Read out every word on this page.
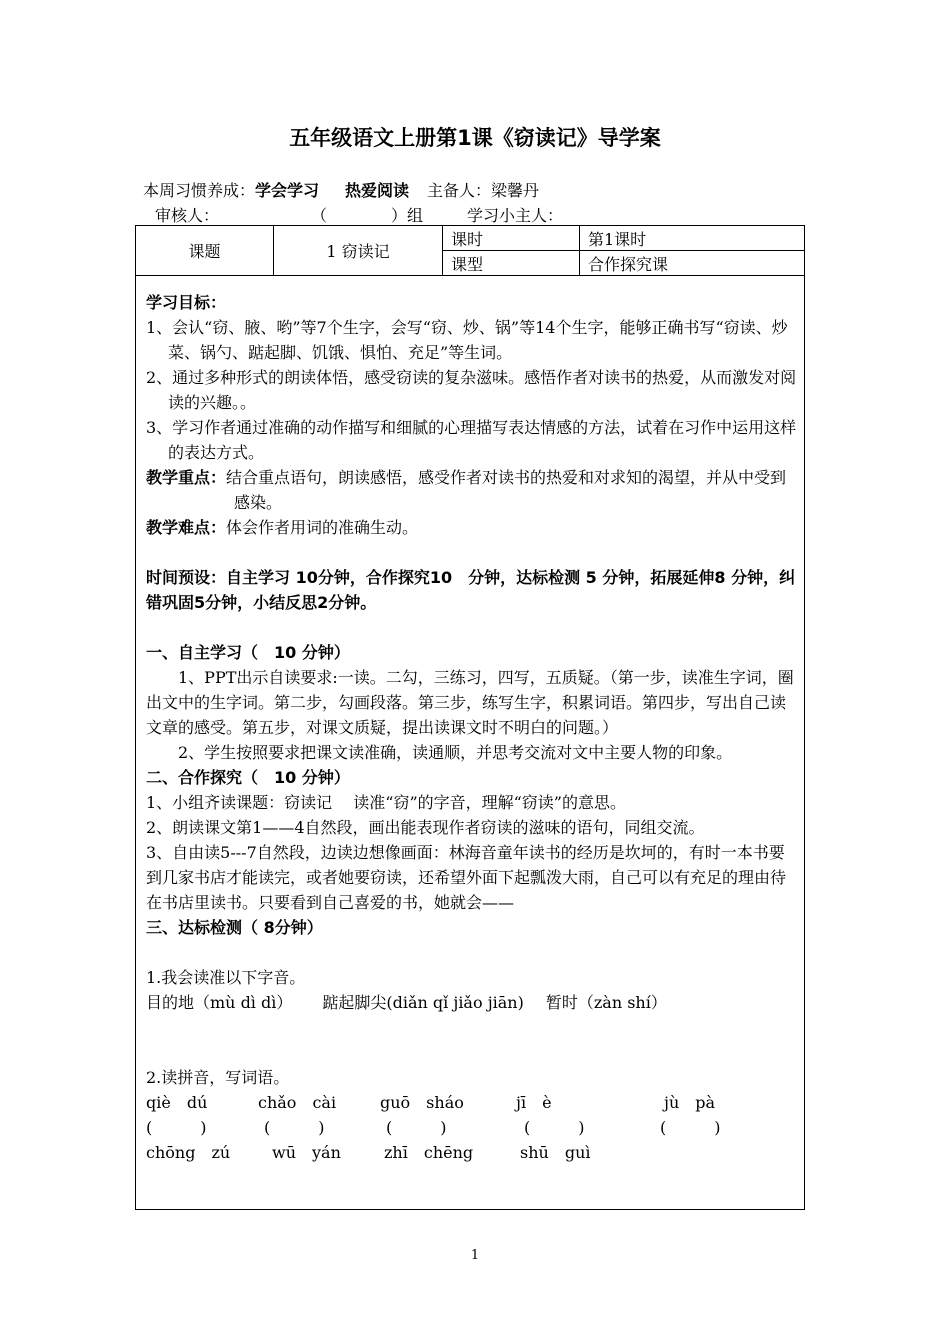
五年级语文上册第1课《窃读记》导学案
本周习惯养成：学会学习 热爱阅读 主备人：梁馨丹
审核人：	（　　　　）组	学习小主人：
课题	1 窃读记	课时	第1课时
		课型	合作探究课

学习目标：

1、会认“窃、腋、哟”等7个生字，会写“窃、炒、锅”等14个生字，能够正确书写“窃读、炒菜、锅勺、踮起脚、饥饿、惧怕、充足”等生词。

2、通过多种形式的朗读体悟，感受窃读的复杂滋味。感悟作者对读书的热爱，从而激发对阅读的兴趣。。

3、学习作者通过准确的动作描写和细腻的心理描写表达情感的方法，试着在习作中运用这样的表达方式。

教学重点：结合重点语句，朗读感悟，感受作者对读书的热爱和对求知的渴望，并从中受到感染。

教学难点：体会作者用词的准确生动。

时间预设：自主学习 10分钟，合作探究10　分钟，达标检测 5 分钟，拓展延伸8 分钟，纠错巩固5分钟，小结反思2分钟。

一、自主学习（　10 分钟）

1、PPT出示自读要求:一读。二勾，三练习，四写，五质疑。（第一步，读准生字词，圈出文中的生字词。第二步，勾画段落。第三步，练写生字，积累词语。第四步，写出自己读文章的感受。第五步，对课文质疑，提出读课文时不明白的问题。）

2、学生按照要求把课文读准确，读通顺，并思考交流对文中主要人物的印象。

二、合作探究（　10 分钟）

1、小组齐读课题：窃读记　 读准“窃”的字音，理解“窃读”的意思。

2、朗读课文第1——4自然段，画出能表现作者窃读的滋味的语句，同组交流。

3、自由读5---7自然段，边读边想像画面：林海音童年读书的经历是坎坷的，有时一本书要到几家书店才能读完，或者她要窃读，还希望外面下起瓢泼大雨，自己可以有充足的理由待在书店里读书。只要看到自己喜爱的书，她就会——

三、达标检测（ 8分钟）

1.我会读准以下字音。

目的地（mù dì dì） 踮起脚尖(diǎn qǐ jiǎo jiān) 暂时（zàn shí）

2.读拼音，写词语。

qiè　dú	chǎo　cài	guō　sháo	jī　è	jù　pà

(　　　)	(　　　)	(　　　)	(　　　)	(　　　)

chōng　zú	wū　yán	zhī　chēng	shū　guì

1
